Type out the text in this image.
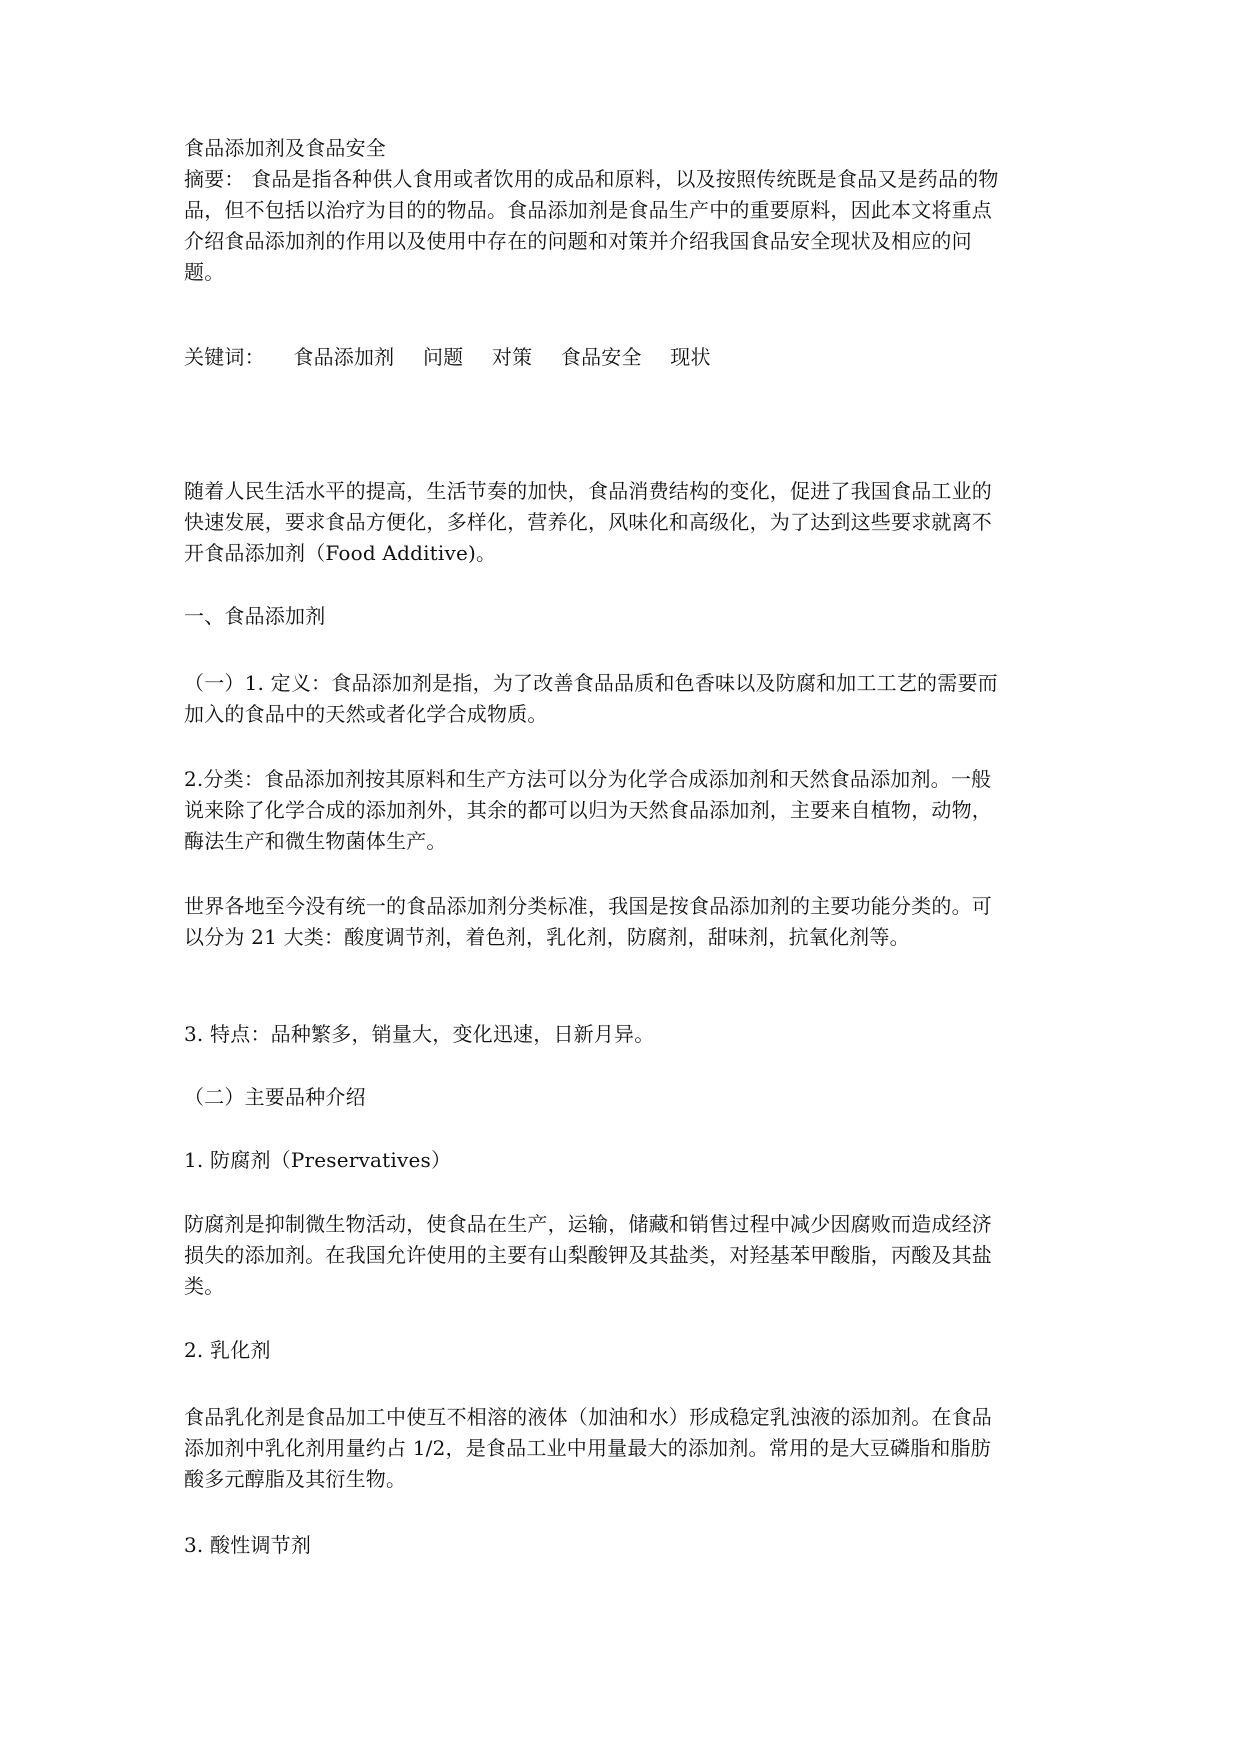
食品添加剂及食品安全
摘要： 食品是指各种供人食用或者饮用的成品和原料，以及按照传统既是食品又是药品的物
品，但不包括以治疗为目的的物品。食品添加剂是食品生产中的重要原料，因此本文将重点
介绍食品添加剂的作用以及使用中存在的问题和对策并介绍我国食品安全现状及相应的问
题。
关键词： 食品添加剂 问题 对策 食品安全 现状
随着人民生活水平的提高，生活节奏的加快，食品消费结构的变化，促进了我国食品工业的
快速发展，要求食品方便化，多样化，营养化，风味化和高级化，为了达到这些要求就离不
开食品添加剂（Food Additive)。
一、食品添加剂
（一）1. 定义：食品添加剂是指，为了改善食品品质和色香味以及防腐和加工工艺的需要而
加入的食品中的天然或者化学合成物质。
2.分类：食品添加剂按其原料和生产方法可以分为化学合成添加剂和天然食品添加剂。一般
说来除了化学合成的添加剂外，其余的都可以归为天然食品添加剂，主要来自植物，动物，
酶法生产和微生物菌体生产。
世界各地至今没有统一的食品添加剂分类标准，我国是按食品添加剂的主要功能分类的。可
以分为 21 大类：酸度调节剂，着色剂，乳化剂，防腐剂，甜味剂，抗氧化剂等。
3. 特点：品种繁多，销量大，变化迅速，日新月异。
（二）主要品种介绍
1. 防腐剂（Preservatives）
防腐剂是抑制微生物活动，使食品在生产，运输，储藏和销售过程中减少因腐败而造成经济
损失的添加剂。在我国允许使用的主要有山梨酸钾及其盐类，对羟基苯甲酸脂，丙酸及其盐
类。
2. 乳化剂
食品乳化剂是食品加工中使互不相溶的液体（加油和水）形成稳定乳浊液的添加剂。在食品
添加剂中乳化剂用量约占 1/2，是食品工业中用量最大的添加剂。常用的是大豆磷脂和脂肪
酸多元醇脂及其衍生物。
3. 酸性调节剂
